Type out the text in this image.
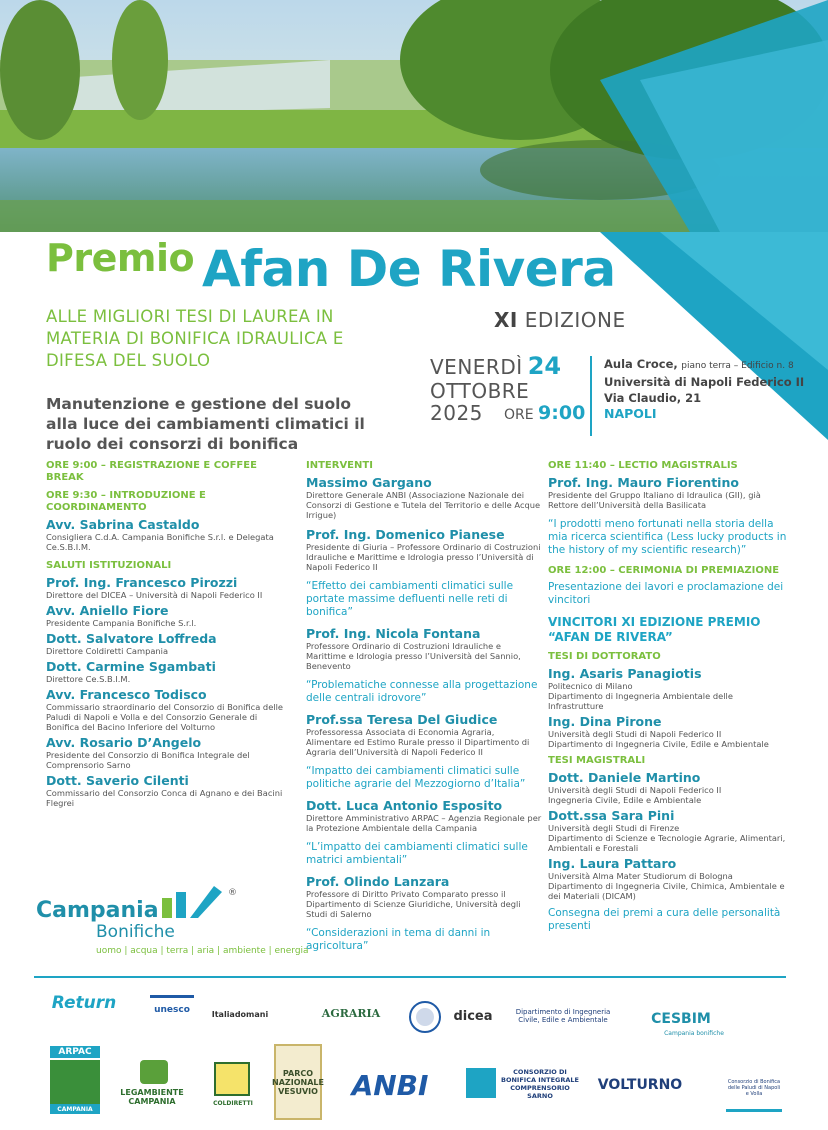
Premio Afan De Rivera
ALLE MIGLIORI TESI DI LAUREA IN MATERIA DI BONIFICA IDRAULICA E DIFESA DEL SUOLO
XI EDIZIONE
VENERDÌ 24
OTTOBRE
2025	ORE 9:00
Aula Croce, piano terra – Edificio n. 8
Università di Napoli Federico II
Via Claudio, 21
NAPOLI
Manutenzione e gestione del suolo alla luce dei cambiamenti climatici il ruolo dei consorzi di bonifica
ORE 9:00 – REGISTRAZIONE E COFFEE BREAK
ORE 9:30 – INTRODUZIONE E COORDINAMENTO
Avv. Sabrina Castaldo
Consigliera C.d.A. Campania Bonifiche S.r.l. e Delegata Ce.S.B.I.M.
SALUTI ISTITUZIONALI
Prof. Ing. Francesco Pirozzi
Direttore del DICEA – Università di Napoli Federico II
Avv. Aniello Fiore
Presidente Campania Bonifiche S.r.l.
Dott. Salvatore Loffreda
Direttore Coldiretti Campania
Dott. Carmine Sgambati
Direttore Ce.S.B.I.M.
Avv. Francesco Todisco
Commissario straordinario del Consorzio di Bonifica delle Paludi di Napoli e Volla e del Consorzio Generale di Bonifica del Bacino Inferiore del Volturno
Avv. Rosario D’Angelo
Presidente del Consorzio di Bonifica Integrale del Comprensorio Sarno
Dott. Saverio Cilenti
Commissario del Consorzio Conca di Agnano e dei Bacini Flegrei
INTERVENTI
Massimo Gargano
Direttore Generale ANBI (Associazione Nazionale dei Consorzi di Gestione e Tutela del Territorio e delle Acque Irrigue)
Prof. Ing. Domenico Pianese
Presidente di Giuria – Professore Ordinario di Costruzioni Idrauliche e Marittime e Idrologia presso l’Università di Napoli Federico II
“Effetto dei cambiamenti climatici sulle portate massime defluenti nelle reti di bonifica”
Prof. Ing. Nicola Fontana
Professore Ordinario di Costruzioni Idrauliche e Marittime e Idrologia presso l’Università del Sannio, Benevento
“Problematiche connesse alla progettazione delle centrali idrovore”
Prof.ssa Teresa Del Giudice
Professoressa Associata di Economia Agraria, Alimentare ed Estimo Rurale presso il Dipartimento di Agraria dell’Università di Napoli Federico II
“Impatto dei cambiamenti climatici sulle politiche agrarie del Mezzogiorno d’Italia”
Dott. Luca Antonio Esposito
Direttore Amministrativo ARPAC – Agenzia Regionale per la Protezione Ambientale della Campania
“L’impatto dei cambiamenti climatici sulle matrici ambientali”
Prof. Olindo Lanzara
Professore di Diritto Privato Comparato presso il Dipartimento di Scienze Giuridiche, Università degli Studi di Salerno
“Considerazioni in tema di danni in agricoltura”
ORE 11:40 – LECTIO MAGISTRALIS
Prof. Ing. Mauro Fiorentino
Presidente del Gruppo Italiano di Idraulica (GII), già Rettore dell’Università della Basilicata
“I prodotti meno fortunati nella storia della mia ricerca scientifica (Less lucky products in the history of my scientific research)”
ORE 12:00 – CERIMONIA DI PREMIAZIONE
Presentazione dei lavori e proclamazione dei vincitori
VINCITORI XI EDIZIONE PREMIO “AFAN DE RIVERA”
TESI DI DOTTORATO
Ing. Asaris Panagiotis
Politecnico di Milano
Dipartimento di Ingegneria Ambientale delle Infrastrutture
Ing. Dina Pirone
Università degli Studi di Napoli Federico II
Dipartimento di Ingegneria Civile, Edile e Ambientale
TESI MAGISTRALI
Dott. Daniele Martino
Università degli Studi di Napoli Federico II
Ingegneria Civile, Edile e Ambientale
Dott.ssa Sara Pini
Università degli Studi di Firenze
Dipartimento di Scienze e Tecnologie Agrarie, Alimentari, Ambientali e Forestali
Ing. Laura Pattaro
Università Alma Mater Studiorum di Bologna
Dipartimento di Ingegneria Civile, Chimica, Ambientale e dei Materiali (DICAM)
Consegna dei premi a cura delle personalità presenti
Campania
®
Bonifiche
uomo | acqua | terra | aria | ambiente | energia
Return	unesco	Italiadomani	AGRARIA	dicea	Dipartimento di Ingegneria Civile, Edile e Ambientale	CESBIM
Campania bonifiche
ARPAC
CAMPANIA
LEGAMBIENTE CAMPANIA	COLDIRETTI
PARCO NAZIONALE VESUVIO ANBI	CONSORZIO DI BONIFICA INTEGRALE COMPRENSORIO SARNO
VOLTURNO	Consorzio di Bonifica delle Paludi di Napoli e Volla
